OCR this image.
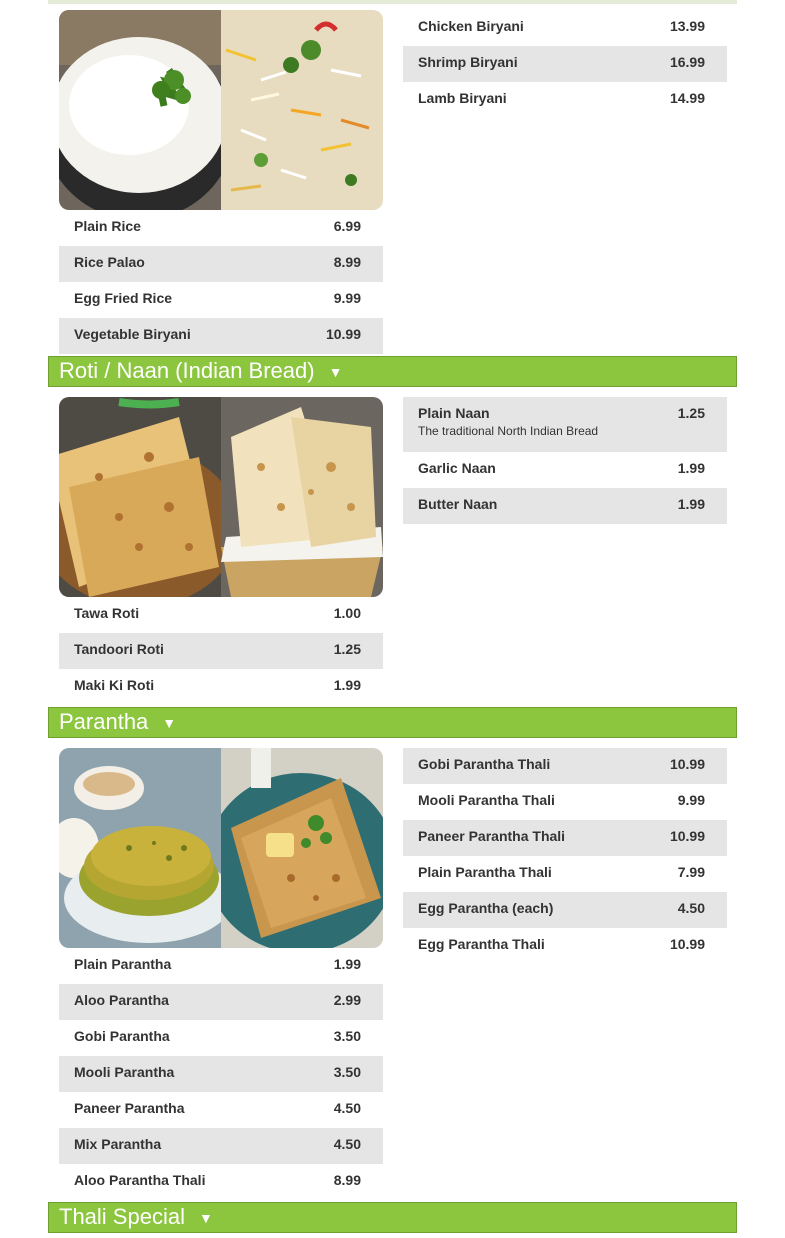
Plain Rice	6.99
Rice Palao	8.99
Egg Fried Rice	9.99
Vegetable Biryani	10.99
Chicken Biryani	13.99
Shrimp Biryani	16.99
Lamb Biryani	14.99
Roti / Naan (Indian Bread) ▼
Tawa Roti	1.00
Tandoori Roti	1.25
Maki Ki Roti	1.99
Plain Naan	1.25
The traditional North Indian Bread
Garlic Naan	1.99
Butter Naan	1.99
Parantha ▼
Plain Parantha	1.99
Aloo Parantha	2.99
Gobi Parantha	3.50
Mooli Parantha	3.50
Paneer Parantha	4.50
Mix Parantha	4.50
Aloo Parantha Thali	8.99
Gobi Parantha Thali	10.99
Mooli Parantha Thali	9.99
Paneer Parantha Thali	10.99
Plain Parantha Thali	7.99
Egg Parantha (each)	4.50
Egg Parantha Thali	10.99
Thali Special ▼
